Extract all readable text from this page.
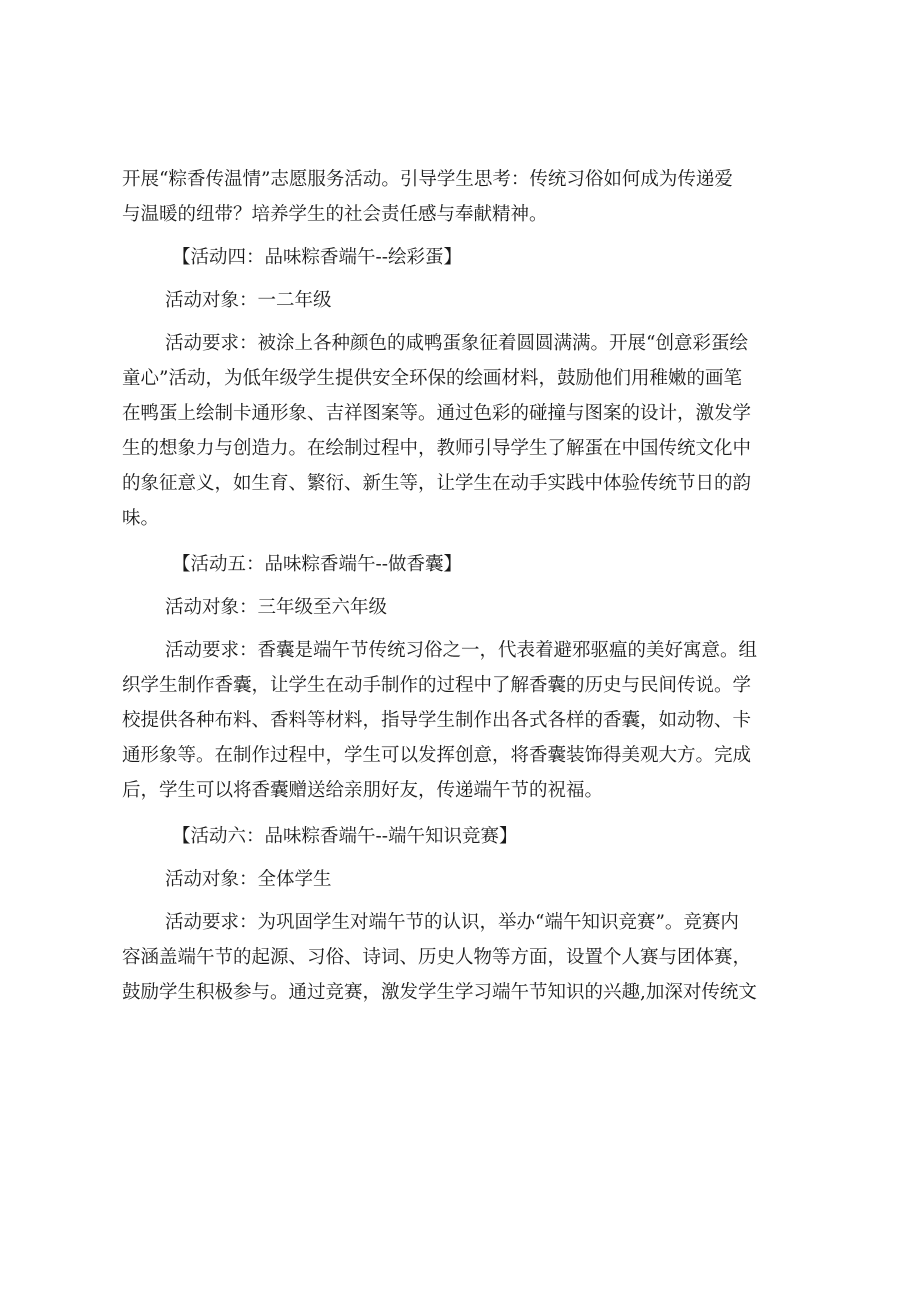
开展“粽香传温情”志愿服务活动。引导学生思考：传统习俗如何成为传递爱
与温暖的纽带？培养学生的社会责任感与奉献精神。
【活动四：品味粽香端午--绘彩蛋】
活动对象：一二年级
活动要求：被涂上各种颜色的咸鸭蛋象征着圆圆满满。开展“创意彩蛋绘
童心”活动，为低年级学生提供安全环保的绘画材料，鼓励他们用稚嫩的画笔
在鸭蛋上绘制卡通形象、吉祥图案等。通过色彩的碰撞与图案的设计，激发学
生的想象力与创造力。在绘制过程中，教师引导学生了解蛋在中国传统文化中
的象征意义，如生育、繁衍、新生等，让学生在动手实践中体验传统节日的韵
味。
【活动五：品味粽香端午--做香囊】
活动对象：三年级至六年级
活动要求：香囊是端午节传统习俗之一，代表着避邪驱瘟的美好寓意。组
织学生制作香囊，让学生在动手制作的过程中了解香囊的历史与民间传说。学
校提供各种布料、香料等材料，指导学生制作出各式各样的香囊，如动物、卡
通形象等。在制作过程中，学生可以发挥创意，将香囊装饰得美观大方。完成
后，学生可以将香囊赠送给亲朋好友，传递端午节的祝福。
【活动六：品味粽香端午--端午知识竞赛】
活动对象：全体学生
活动要求：为巩固学生对端午节的认识，举办“端午知识竞赛”。竞赛内
容涵盖端午节的起源、习俗、诗词、历史人物等方面，设置个人赛与团体赛，
鼓励学生积极参与。通过竞赛，激发学生学习端午节知识的兴趣,加深对传统文
